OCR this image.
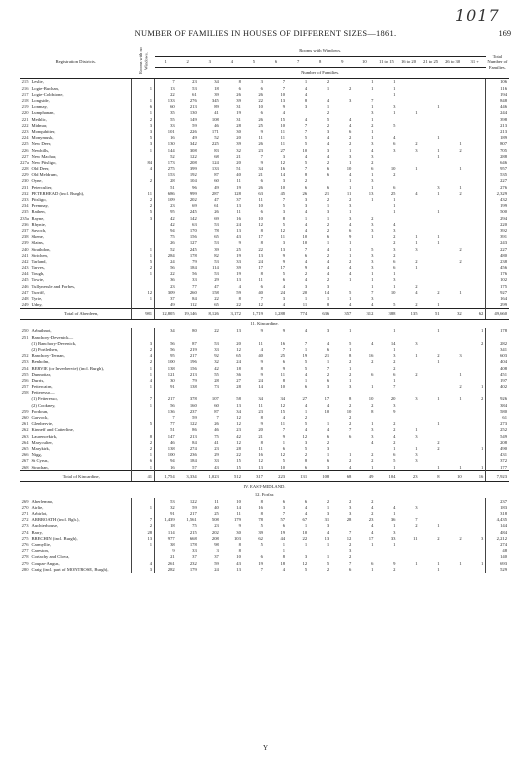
1017
NUMBER OF FAMILIES IN HOUSES OF DIFFERENT SIZES—1861.	169
Registration Districts.		Rooms with no Windows.	Rooms with Windows.															Total Number of Families.
			1	2	3	4	5	6	7	8	9	10	11 to 15	16 to 20	21 to 25	26 to 30	31 +	
			Number of Families.															
215	Leslie,		7	23	34	8	3	7	1	2		1	1					106
216	Logie-Buchan,	1	13	53	18	6	6	7	4	1	2	1	1					116
217	Logie-Coldstone,		22	61	39	26	26	10	4				1					194
218	Longside,	1	133	276	345	39	22	13	8	4	3	7						848
219	Lonmay,	6	60	213	89	31	10	9	3	1		1	3		1			446
220	Lumphanan,	1	35	130	41	19	6	4		2		3	1	1				244
221	Methlic,	2	55	149	108	31	26	15	4	5	4	1						398
222	Midmar,	3	33	59	46	28	25	10	7	2	4	2	5					213
223	Monquhitter,	3	101	226	171	30	9	11	7	3	6	1						213
224	Monymusk,	5	16	49	52	20	11	11	5	4	2	1	4		1			189
225	New Deer,	3	130	342	225	39	26	11	5	4	2	3	6	2		1		807
226	Newhills,	1	144	308	83	32	23	27	10	3	1	4	3	3	1	2		705
227	New Machar,		52	122	68	21	7	3	4	4	3	3			1			288
227a	New Pitsligo,	84	173	208	124	20	9	12	5	2	1	2						646
228	Old Deer,	4	275	399	133	51	34	16	7	6	10	6	10	1		1		957
229	Old Meldrum,		153	192	87	40	21	14	8	6	4	1	2					535
230	Oyne,	2	28	104	60	11	6	3	2		1	3						227
231	Peterculter,		51	96	49	19	26	10	6	6	1	1	6		3	1		276
232	PETERHEAD (incl. Burgh),	11	686	999	287	128	63	45	26	21	11	13	25	4	1	2		2,329
233	Pitsligo,	2	109	202	47	37	11	7	3	2	2	1	1					432
234	Premnay,	2	23	69	61	13	10	5	3	1	3		1					199
235	Rathen,	5	95	245	26	11	6	3	4	3	1		1		1			500
235a	Rayne,	3	42	142	69	16	10	8	1	1	3	2						294
236	Rhynie,		42	63	53	24	12	5	4	2	4	3	4					220
237	Savoch,		94	170	78	13	8	12	4	2	6	3	3					392
238	Skene,		75	156	65	43	17	11	10	6	9	1	2	1	1			391
239	Slains,		26	127	53	9	8	3	10	1	1		2	1	1			243
240	Strathdon,	1	52	245	39	25	22	13	7	4	1	5	3	3		2		227
241	Strichen,	1	284	178	82	19	13	9	6	2	1	3	2					480
242	Tarland,	5	24	79	53	33	24	9	4	4	2	3	6	2		2		238
243	Tarves,	2	56	184	114	39	17	17	9	4	4	3	6	1				456
244	Tough,	1	22	56	53	19	8	5	2	4	4	1	1					176
245	Towie,		36	33	29	13	11	6	4	2	1	1	3					102
246	Tullynessle and Forbes,		23	77	47	4	6	4	3	3		1	1	2				175
247	Turriff,	12	309	260	158	59	40	24	20	14	5	7	10	4	2	1		927
248	Tyrie,	1	37	84	22	8	7	3	1	1	1	3						164
249	Udny,		49	112	65	22	12	4	11	8	4	4	5	2	1			299
	Total of Aberdeen,	981	12,805	19,146	8,126	3,172	1,719	1,288	774	636	357	312	388	135	51	32	62	49,660
11. Kincardine.																		
250	Arbuthnot,		34	80	22	13	9	9	4	3	1		1		1		1	178
251	Banchory-Devenick—																	
	(1) Banchory-Devenick,	3	56	87	53	20	11	16	7	4	5	4	14	3			2	282
	(2) Portlethen,	2	56	219	33	12	4	7	1	6	1		1					341
252	Banchory-Ternan,	4	95	217	92	65	40	25	19	21	8	16	3	1	2	3		603
253	Benholm,	2	100	196	32	24	9	6	5	1	2	2	2		1			404
254	BERVIE (or Inverbervie) (incl. Burgh),	1	138	156	42	18	8	9	5	7	1		2					408
255	Dunnottar,	1	121	213	55	36	9	11	4	2	2	6	6	2		1		451
256	Durris,	4	30	79	28	27	24	8	1	6	1		1					197
257	Fettercairn,	1	91	138	73	28	14	10	6	3	3	1	7			2	1	402
258	Fetteresso—																	
	(1) Fetteresso,	7	217	378	107	58	34	34	27	17	8	10	20	3	1	1	2	926
	(2) Cookney,	1	56	160	60	13	11	12	4	4	2	2	3					384
259	Fordoun,		136	237	87	34	23	15	1	10	10	8	9					580
260	Garvock,		7	59	7	12	8	4	2		2							61
261	Glenbervie,	5	77	122	26	12	9	11	5	1	2	1	2		1			273
262	Kinneff and Catterline,		51	86	46	23	20	7	4	4	7	3	2	1				252
263	Laurencekirk,	8	147	213	75	42	21	9	12	6	6	3	4	3				549
264	Maryculter,	2	46	84	41	12	8	1	3	2		4	2		2			208
265	Marykirk,	2	138	274	23	28	11	6	5	3			1	1	2		1	490
266	Nigg,	1	100	236	29	22	16	12	2	1	1	2	6	3				431
267	St Cyrus,	6	94	184	33	15	12	5	8	6	2	2	5	3				372
268	Strachan,	1	16	57	43	15	13	10	6	3	4	1	1		1	1	1	177
	Total of Kincardine,	41	1,754	3,334	1,023	512	317	223	131	108	68	49	104	23	8	10	16	7,923
IV. EAST-MIDLAND.																		
12. Forfar.																		
269	Aberlemno,		53	122	11	10	8	6	6	2	2	2						237
270	Airlie,	1	32	59	40	14	16	3	4	1	3	4	4	3				183
271	Arbirlot,		91	217	25	11	8	7	4	3	3	2	1					318
272	ARBROATH (incl. Bgh.),	7	1,439	1,561	508	179	78	57	67	31	28	23	36	7				4,435
273	Auchterhouse,	2	18	75	23	9	5	6	1	3		4	1	2	1			144
274	Barry,	28	114	215	202	30	39	19	10	4	7	4	3					484
275	BRECHIN (incl. Burgh),	13	977	668	208	103	62	44	22	13	12	17	33	11	2	2	3	2,212
276	Carmyllie,	1	38	178	98	8	5	1	1	1	2	1	1					274
277	Careston,		9	33	3	8		1			3							48
278	Cortachy and Clova,		21	37	37	10	6	8	3	1	2							140
279	Coupar-Angus,	4	261	232	59	43	19	18	12	5	7	6	9	1	1	1	1	693
280	Craig (incl. part of MONTROSE, Burgh),	3	282	179	24	13	7	4	5	2	6	1	2		1			529
Y
